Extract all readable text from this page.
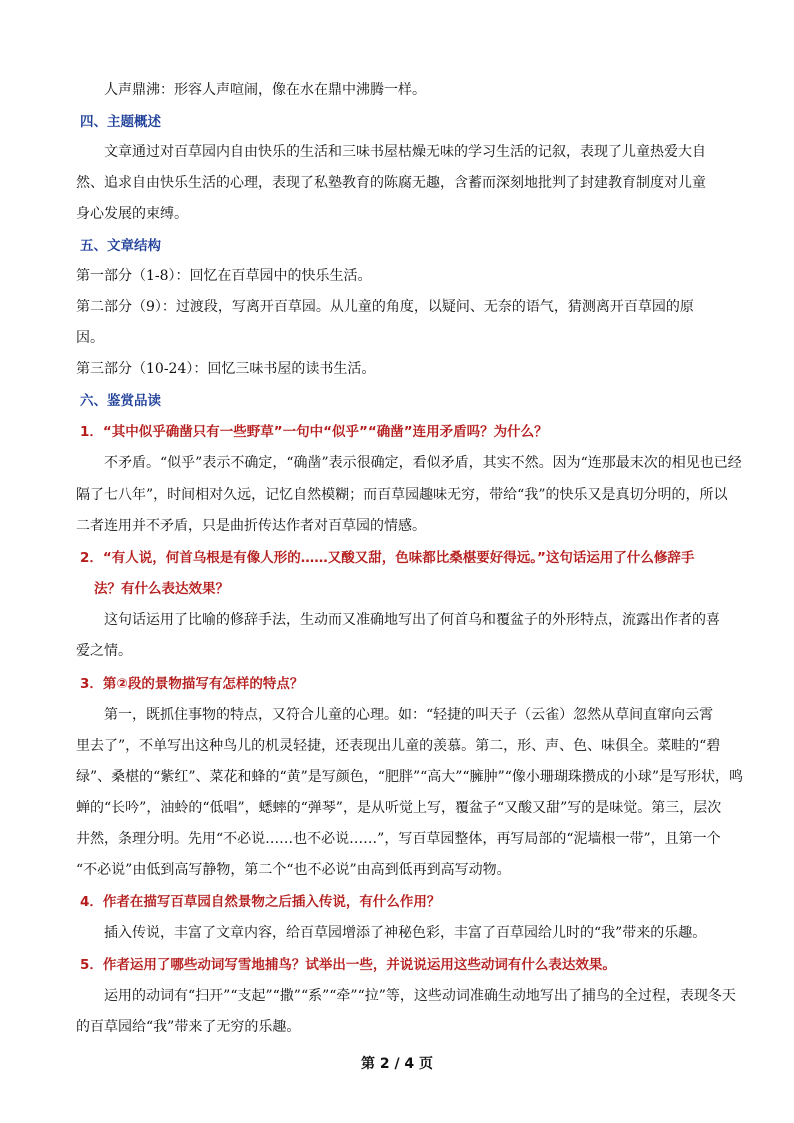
人声鼎沸：形容人声喧闹，像在水在鼎中沸腾一样。
四、主题概述
文章通过对百草园内自由快乐的生活和三味书屋枯燥无味的学习生活的记叙，表现了儿童热爱大自
然、追求自由快乐生活的心理，表现了私塾教育的陈腐无趣，含蓄而深刻地批判了封建教育制度对儿童
身心发展的束缚。
五、文章结构
第一部分（1-8）：回忆在百草园中的快乐生活。
第二部分（9）：过渡段，写离开百草园。从儿童的角度，以疑问、无奈的语气，猜测离开百草园的原
因。
第三部分（10-24）：回忆三味书屋的读书生活。
六、鉴赏品读
1．“其中似乎确凿只有一些野草”一句中“似乎”“确凿”连用矛盾吗？为什么？
不矛盾。“似乎”表示不确定，“确凿”表示很确定，看似矛盾，其实不然。因为“连那最末次的相见也已经
隔了七八年”，时间相对久远，记忆自然模糊；而百草园趣味无穷，带给“我”的快乐又是真切分明的，所以
二者连用并不矛盾，只是曲折传达作者对百草园的情感。
2．“有人说，何首乌根是有像人形的……又酸又甜，色味都比桑椹要好得远。”这句话运用了什么修辞手
法？有什么表达效果？
这句话运用了比喻的修辞手法，生动而又准确地写出了何首乌和覆盆子的外形特点，流露出作者的喜
爱之情。
3．第②段的景物描写有怎样的特点？
第一，既抓住事物的特点，又符合儿童的心理。如：“轻捷的叫天子（云雀）忽然从草间直窜向云霄
里去了”，不单写出这种鸟儿的机灵轻捷，还表现出儿童的羡慕。第二，形、声、色、味俱全。菜畦的“碧
绿”、桑椹的“紫红”、菜花和蜂的“黄”是写颜色，“肥胖”“高大”“臃肿”“像小珊瑚珠攒成的小球”是写形状，鸣
蝉的“长吟”，油蛉的“低唱”，蟋蟀的“弹琴”，是从听觉上写，覆盆子“又酸又甜”写的是味觉。第三，层次
井然，条理分明。先用“不必说……也不必说……”，写百草园整体，再写局部的“泥墙根一带”，且第一个
“不必说”由低到高写静物，第二个“也不必说”由高到低再到高写动物。
4．作者在描写百草园自然景物之后插入传说，有什么作用？
插入传说，丰富了文章内容，给百草园增添了神秘色彩，丰富了百草园给儿时的“我”带来的乐趣。
5．作者运用了哪些动词写雪地捕鸟？试举出一些，并说说运用这些动词有什么表达效果。
运用的动词有“扫开”“支起”“撒”“系”“牵”“拉”等，这些动词准确生动地写出了捕鸟的全过程，表现冬天
的百草园给“我”带来了无穷的乐趣。
第 2 / 4 页
